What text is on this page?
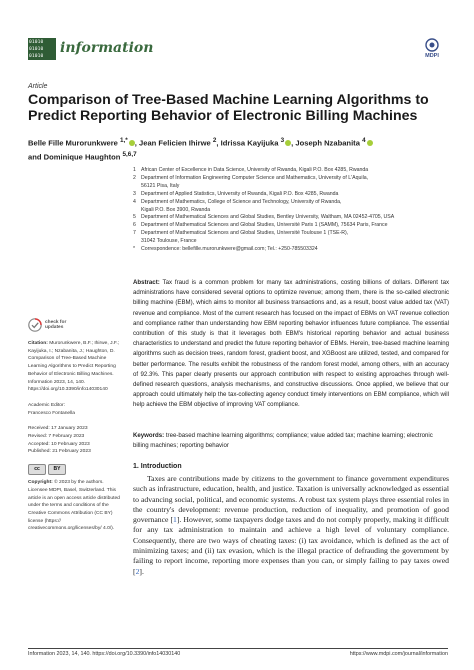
01010
01010
01010
information	MDPI
Article
Comparison of Tree-Based Machine Learning Algorithms to Predict Reporting Behavior of Electronic Billing Machines
Belle Fille Murorunkwere $^{1,*}$ , Jean Felicien Ihirwe $^2$, Idrissa Kayijuka $^3$ , Joseph Nzabanita $^4$
and Dominique Haughton $^{5,6,7}$
1 African Center of Excellence in Data Science, University of Rwanda, Kigali P.O. Box 4285, Rwanda
2 Department of Information Engineering Computer Science and Mathematics, University of L'Aquila,
56121 Pisa, Italy
3 Department of Applied Statistics, University of Rwanda, Kigali P.O. Box 4285, Rwanda
4 Department of Mathematics, College of Science and Technology, University of Rwanda,
Kigali P.O. Box 3900, Rwanda
5 Department of Mathematical Sciences and Global Studies, Bentley University, Waltham, MA 02452-4705, USA
6 Department of Mathematical Sciences and Global Studies, Université Paris 1 (SAMM), 75634 Paris, France
7 Department of Mathematical Sciences and Global Studies, Université Toulouse 1 (TSE-R),
31042 Toulouse, France
*	Correspondence: bellefille.murorunkwere@gmail.com; Tel.: +250-785503324
Abstract: Tax fraud is a common problem for many tax administrations, costing billions of dollars. Different tax administrations have considered several options to optimize revenue; among them, there is the so-called electronic billing machine (EBM), which aims to monitor all business transactions and, as a result, boost value added tax (VAT) revenue and compliance. Most of the current research has focused on the impact of EBMs on VAT revenue collection and compliance rather than understanding how EBM reporting behavior influences future compliance. The essential contribution of this study is that it leverages both EBM's historical reporting behavior and actual business characteristics to understand and predict the future reporting behavior of EBMs. Herein, tree-based machine learning algorithms such as decision trees, random forest, gradient boost, and XGBoost are utilized, tested, and compared for better performance. The results exhibit the robustness of the random forest model, among others, with an accuracy of 92.3%. This paper clearly presents our approach contribution with respect to existing approaches through well-defined research questions, analysis mechanisms, and constructive discussions. Once applied, we believe that our approach could ultimately help the tax-collecting agency conduct timely interventions on EBM compliance, which will help achieve the EBM objective of improving VAT compliance.
Keywords: tree-based machine learning algorithms; compliance; value added tax; machine learning; electronic billing machines; reporting behavior
1. Introduction

Taxes are contributions made by citizens to the government to finance government expenditures such as infrastructure, education, health, and justice. Taxation is universally acknowledged as essential to advancing social, political, and economic systems. A robust tax system plays three essential roles in the country's development: revenue production, reduction of inequality, and promotion of good governance [1]. However, some taxpayers dodge taxes and do not comply properly, making it difficult for any tax administration to maintain and achieve a high level of voluntary compliance. Consequently, there are two ways of cheating taxes: (i) tax avoidance, which is defined as the act of minimizing taxes; and (ii) tax evasion, which is the illegal practice of defrauding the government by failing to report income, reporting more expenses than you can, or simply failing to pay taxes owed [2].

check for
updates
Citation: Murorunkwere, B.F.; Ihirwe, J.F.; Kayijuka, I.; Nzabanita, J.; Haughton, D. Comparison of Tree-Based Machine Learning Algorithms to Predict Reporting Behavior of Electronic Billing Machines. Information 2023, 14, 140. https://doi.org/10.3390/info14030140
Academic Editor:
Francesco Fontanella
Received: 17 January 2023
Revised: 7 February 2023
Accepted: 10 February 2023
Published: 21 February 2023
cc	BY
Copyright: © 2023 by the authors. Licensee MDPI, Basel, Switzerland. This article is an open access article distributed under the terms and conditions of the Creative Commons Attribution (CC BY) license (https:// creativecommons.org/licenses/by/ 4.0/).
Information 2023, 14, 140. https://doi.org/10.3390/info14030140	https://www.mdpi.com/journal/information
